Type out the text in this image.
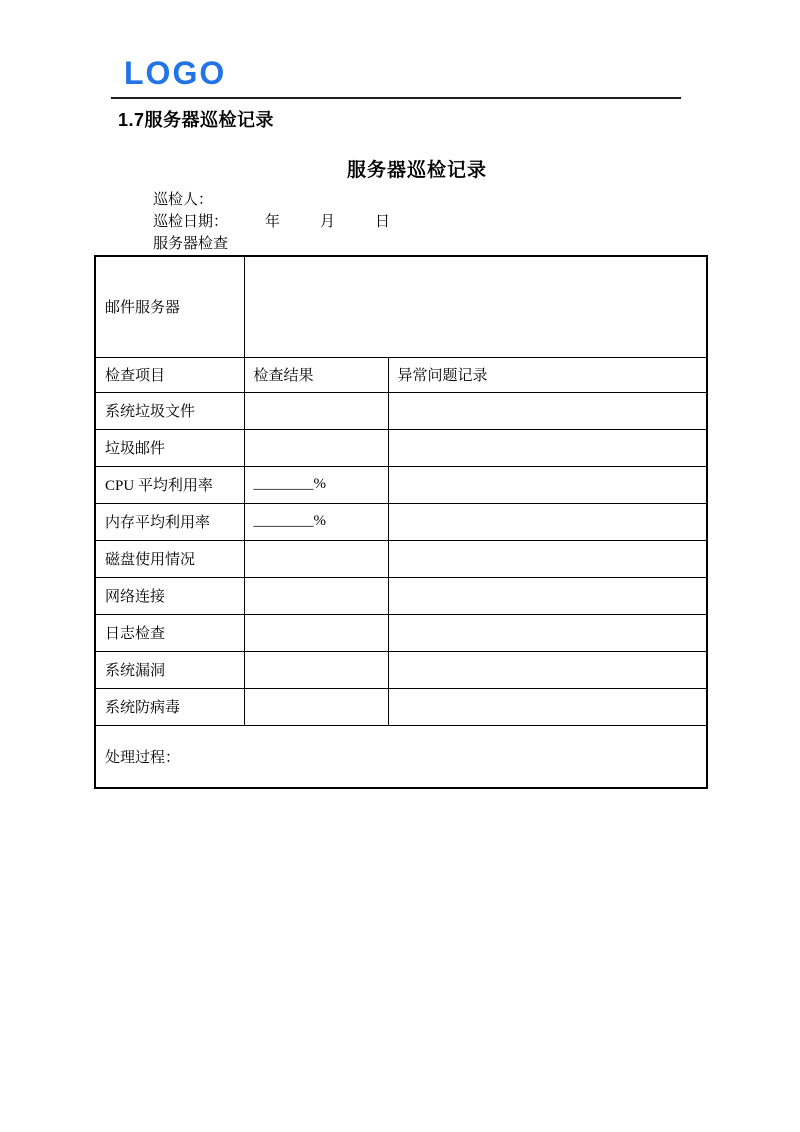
LOGO
1.7服务器巡检记录
服务器巡检记录
巡检人：
巡检日期： 年	月	日
服务器检查
邮件服务器		
检查项目	检查结果	异常问题记录
系统垃圾文件		
垃圾邮件		
CPU 平均利用率	________%	
内存平均利用率	________%	
磁盘使用情况		
网络连接		
日志检查		
系统漏洞		
系统防病毒		
处理过程：		
